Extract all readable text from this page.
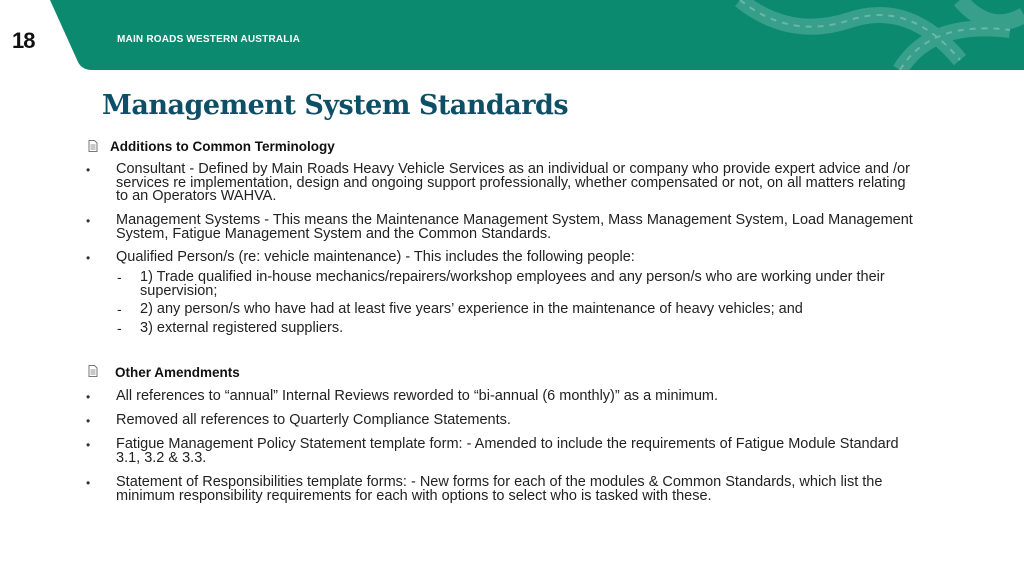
18	MAIN ROADS WESTERN AUSTRALIA
Management System Standards
Additions to Common Terminology
• Consultant - Defined by Main Roads Heavy Vehicle Services as an individual or company who provide expert advice and /or services re implementation, design and ongoing support professionally, whether compensated or not, on all matters relating to an Operators WAHVA.
• Management Systems - This means the Maintenance Management System, Mass Management System, Load Management System, Fatigue Management System and the Common Standards.
• Qualified Person/s (re: vehicle maintenance) - This includes the following people:
- 1) Trade qualified in-house mechanics/repairers/workshop employees and any person/s who are working under their supervision;
- 2) any person/s who have had at least five years’ experience in the maintenance of heavy vehicles; and
- 3) external registered suppliers.
Other Amendments
• All references to “annual” Internal Reviews reworded to “bi-annual (6 monthly)” as a minimum.
• Removed all references to Quarterly Compliance Statements.
• Fatigue Management Policy Statement template form: - Amended to include the requirements of Fatigue Module Standard 3.1, 3.2 & 3.3.
• Statement of Responsibilities template forms: - New forms for each of the modules & Common Standards, which list the minimum responsibility requirements for each with options to select who is tasked with these.
